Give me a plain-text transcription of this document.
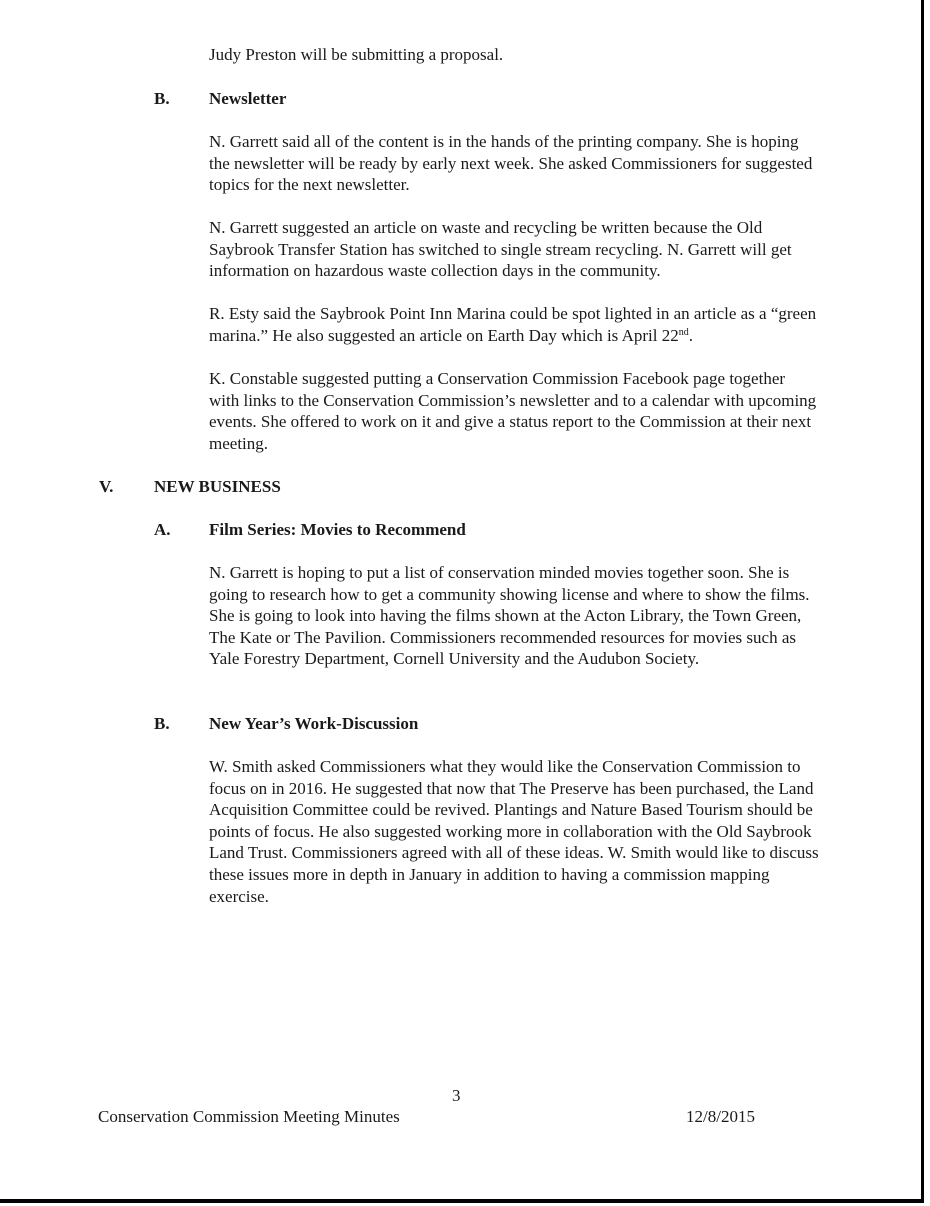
Judy Preston will be submitting a proposal.

B. Newsletter

N. Garrett said all of the content is in the hands of the printing company. She is hoping the newsletter will be ready by early next week. She asked Commissioners for suggested topics for the next newsletter.

N. Garrett suggested an article on waste and recycling be written because the Old Saybrook Transfer Station has switched to single stream recycling. N. Garrett will get information on hazardous waste collection days in the community.

R. Esty said the Saybrook Point Inn Marina could be spot lighted in an article as a “green marina.” He also suggested an article on Earth Day which is April 22nd.

K. Constable suggested putting a Conservation Commission Facebook page together with links to the Conservation Commission’s newsletter and to a calendar with upcoming events. She offered to work on it and give a status report to the Commission at their next meeting.

V. NEW BUSINESS
A. Film Series: Movies to Recommend

N. Garrett is hoping to put a list of conservation minded movies together soon. She is going to research how to get a community showing license and where to show the films. She is going to look into having the films shown at the Acton Library, the Town Green, The Kate or The Pavilion. Commissioners recommended resources for movies such as Yale Forestry Department, Cornell University and the Audubon Society.

B. New Year’s Work-Discussion

W. Smith asked Commissioners what they would like the Conservation Commission to focus on in 2016. He suggested that now that The Preserve has been purchased, the Land Acquisition Committee could be revived. Plantings and Nature Based Tourism should be points of focus. He also suggested working more in collaboration with the Old Saybrook Land Trust. Commissioners agreed with all of these ideas. W. Smith would like to discuss these issues more in depth in January in addition to having a commission mapping exercise.

3
Conservation Commission Meeting Minutes	12/8/2015
